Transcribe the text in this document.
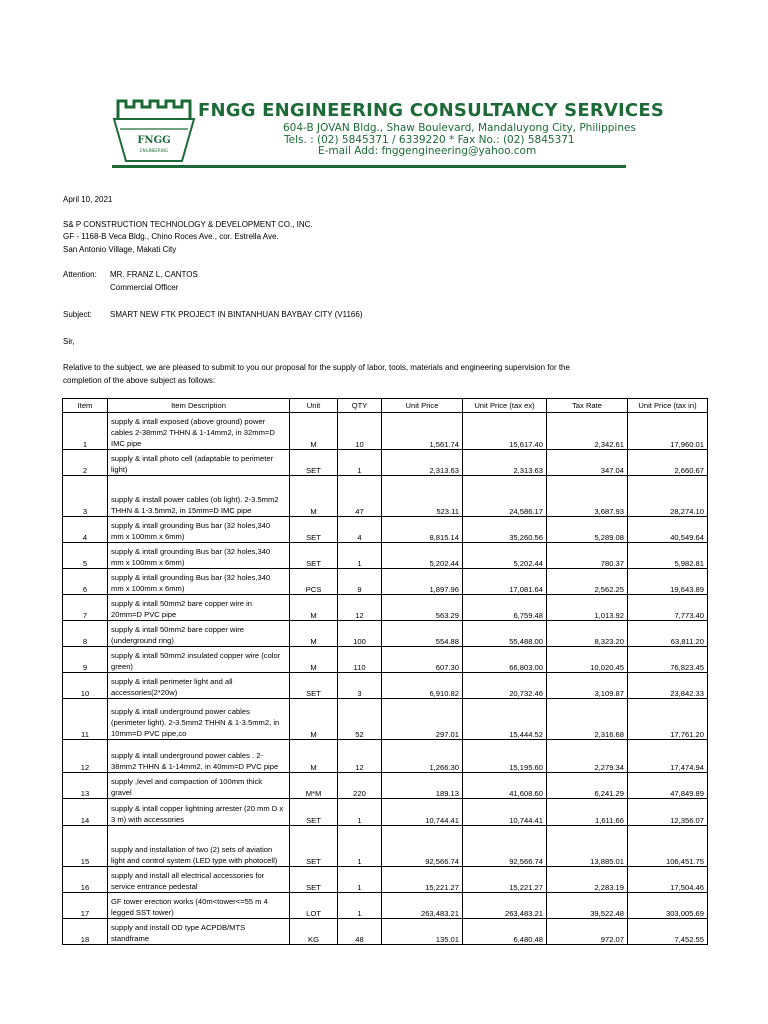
FNGG
ENGINEERING
FNGG ENGINEERING CONSULTANCY SERVICES
604-B JOVAN Bldg., Shaw Boulevard, Mandaluyong City, Philippines
Tels. : (02) 5845371 / 6339220 * Fax No.: (02) 5845371
E-mail Add: fnggengineering@yahoo.com
April 10, 2021
S& P CONSTRUCTION TECHNOLOGY & DEVELOPMENT CO., INC.
GF - 1168-B Veca Bldg., Chino Roces Ave., cor. Estrella Ave.
San Antonio Village, Makati City
Attention: MR. FRANZ L. CANTOS
Commercial Officer
Subject: SMART NEW FTK PROJECT IN BINTANHUAN BAYBAY CITY (V1166)
Sir,
Relative to the subject, we are pleased to submit to you our proposal for the supply of labor, tools, materials and engineering supervision for the
completion of the above subject as follows:
Item	Item Description	Unit	QTY	Unit Price	Unit Price (tax ex)	Tax Rate	Unit Price (tax in)
1	supply & intall exposed (above ground) power
cables 2-38mm2 THHN & 1-14mm2, in 32mm=D
IMC pipe	M	10	1,561.74	15,617.40	2,342.61	17,960.01
2	supply & intall photo cell (adaptable to perimeter
light)	SET	1	2,313.63	2,313.63	347.04	2,660.67
3	supply & install power cables (ob light). 2-3.5mm2
THHN & 1-3.5mm2, in 15mm=D IMC pipe	M	47	523.11	24,586.17	3,687.93	28,274.10
4	supply & intall grounding Bus bar (32 holes,340
mm x 100mm x 6mm)	SET	4	8,815.14	35,260.56	5,289.08	40,549.64
5	supply & intall grounding Bus bar (32 holes,340
mm x 100mm x 6mm)	SET	1	5,202.44	5,202.44	780.37	5,982.81
6	supply & intall grounding Bus bar (32 holes,340
mm x 100mm x 6mm)	PCS	9	1,897.96	17,081.64	2,562.25	19,643.89
7	supply & intall 50mm2 bare copper wire in
20mm=D PVC pipe	M	12	563.29	6,759.48	1,013.92	7,773.40
8	supply & intall 50mm2 bare copper wire
(underground ring)	M	100	554.88	55,488.00	8,323.20	63,811.20
9	supply & intall 50mm2 insulated copper wire (color
green)	M	110	607.30	66,803.00	10,020.45	76,823.45
10	supply & intall perimeter light and all
accessories(2*20w)	SET	3	6,910.82	20,732.46	3,109.87	23,842.33
11	supply & intall underground power cables
(perimeter light). 2-3.5mm2 THHN & 1-3.5mm2, in
10mm=D PVC pipe,co	M	52	297.01	15,444.52	2,316.68	17,761.20
12	supply & intall underground power cables . 2-
38mm2 THHN & 1-14mm2, in 40mm=D PVC pipe	M	12	1,266.30	15,195.60	2,279.34	17,474.94
13	supply ,level and compaction of 100mm thick
gravel	M*M	220	189.13	41,608.60	6,241.29	47,849.89
14	supply & intall copper lightning arrester (20 mm D x
3 m) with accessories	SET	1	10,744.41	10,744.41	1,611.66	12,356.07
15	supply and installation of two (2) sets of aviation
light and control system (LED type with photocell)	SET	1	92,566.74	92,566.74	13,885.01	106,451.75
16	supply and install all electrical accessories for
service entrance pedestal	SET	1	15,221.27	15,221.27	2,283.19	17,504.46
17	GF tower erection works (40m<tower<=55 m 4
legged SST tower)	LOT	1	263,483.21	263,483.21	39,522.48	303,005.69
18	supply and install OD type ACPDB/MTS
standframe	KG	48	135.01	6,480.48	972.07	7,452.55
